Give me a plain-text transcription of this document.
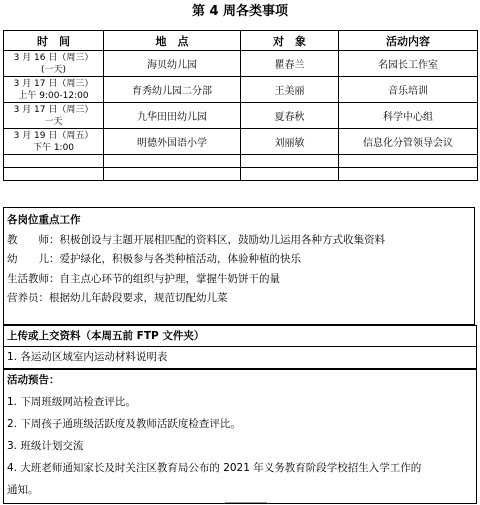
第 4 周各类事项
时　间	地　点	对　象	活动内容

3 月 16 日（周三）
(一天)	海贝幼儿园	瞿春兰	名园长工作室

3 月 17 日（周三）
上午 9:00-12:00	育秀幼儿园二分部	王美丽	音乐培训

3 月 17 日（周三）
一天	九华田田幼儿园	夏春秋	科学中心组

3 月 19 日（周五）
下午 1:00	明德外国语小学	刘丽敏	信息化分管领导会议

各岗位重点工作
教　　师：积极创设与主题开展相匹配的资料区，鼓励幼儿运用各种方式收集资料
幼　　儿：爱护绿化，积极参与各类种植活动，体验种植的快乐
生活教师：自主点心环节的组织与护理，掌握牛奶饼干的量
营养员：根据幼儿年龄段要求，规范切配幼儿菜
上传或上交资料（本周五前 FTP 文件夹）
1. 各运动区域室内运动材料说明表
活动预告：
1. 下周班级网站检查评比。
2. 下周孩子通班级活跃度及教师活跃度检查评比。
3. 班级计划交流
4. 大班老师通知家长及时关注区教育局公布的 2021 年义务教育阶段学校招生入学工作的
通知。
